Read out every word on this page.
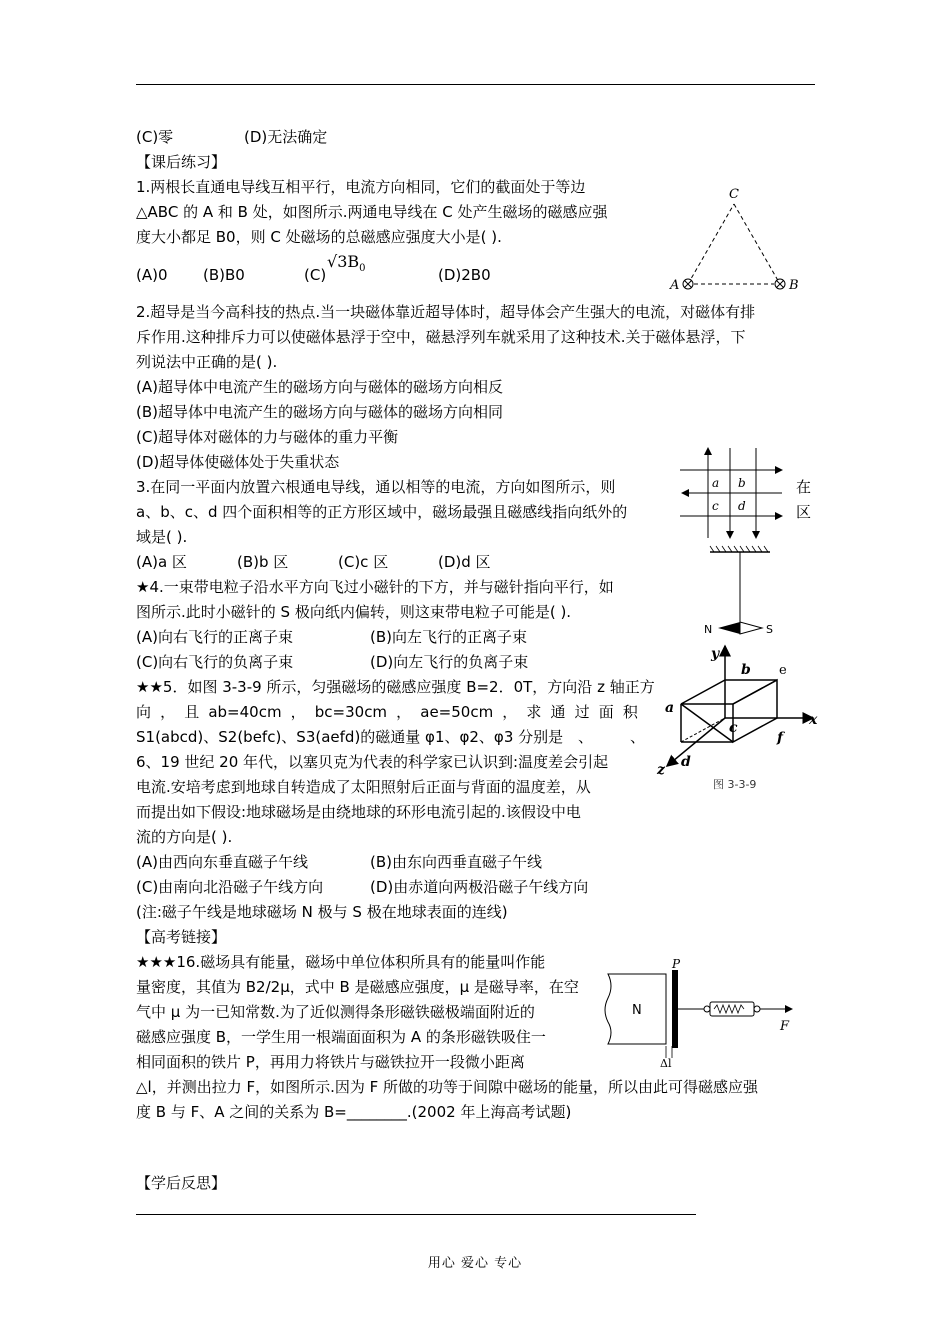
(C)零	(D)无法确定
【课后练习】
1.两根长直通电导线互相平行，电流方向相同，它们的截面处于等边
△ABC 的 A 和 B 处，如图所示.两通电导线在 C 处产生磁场的磁感应强
度大小都足 B0，则 C 处磁场的总磁感应强度大小是( ).
(A)0 (B)B0	(C)
$√3B_0$	(D)2B0
C
A	B
2.超导是当今高科技的热点.当一块磁体靠近超导体时，超导体会产生强大的电流，对磁体有排
斥作用.这种排斥力可以使磁体悬浮于空中，磁悬浮列车就采用了这种技术.关于磁体悬浮，下
列说法中正确的是( ).
(A)超导体中电流产生的磁场方向与磁体的磁场方向相反
(B)超导体中电流产生的磁场方向与磁体的磁场方向相同
(C)超导体对磁体的力与磁体的重力平衡
(D)超导体使磁体处于失重状态
3.在同一平面内放置六根通电导线，通以相等的电流，方向如图所示，则	在
a、b、c、d 四个面积相等的正方形区域中，磁场最强且磁感线指向纸外的	区
域是( ).
(A)a 区	(B)b 区	(C)c 区	(D)d 区
a b
c d
★4.一束带电粒子沿水平方向飞过小磁针的下方，并与磁针指向平行，如
图所示.此时小磁针的 S 极向纸内偏转，则这束带电粒子可能是( ).
(A)向右飞行的正离子束	(B)向左飞行的正离子束
(C)向右飞行的负离子束	(D)向左飞行的负离子束
N	S
★★5．如图 3-3-9 所示，匀强磁场的磁感应强度 B=2．0T，方向沿 z 轴正方
向 ， 且 ab=40cm ， bc=30cm ， ae=50cm ， 求 通 过 面 积
S1(abcd)、S2(befc)、S3(aefd)的磁通量 φ1、φ2、φ3 分别是 、 、
y
b e
a
x
c
f
z d
图 3-3-9
6、19 世纪 20 年代，以塞贝克为代表的科学家已认识到:温度差会引起
电流.安培考虑到地球自转造成了太阳照射后正面与背面的温度差，从
而提出如下假设:地球磁场是由绕地球的环形电流引起的.该假设中电
流的方向是( ).
(A)由西向东垂直磁子午线	(B)由东向西垂直磁子午线
(C)由南向北沿磁子午线方向	(D)由赤道向两极沿磁子午线方向
(注:磁子午线是地球磁场 N 极与 S 极在地球表面的连线)
【高考链接】
★★★16.磁场具有能量，磁场中单位体积所具有的能量叫作能
量密度，其值为 B2/2μ，式中 B 是磁感应强度，μ 是磁导率，在空
气中 μ 为一已知常数.为了近似测得条形磁铁磁极端面附近的
磁感应强度 B，一学生用一根端面面积为 A 的条形磁铁吸住一
相同面积的铁片 P，再用力将铁片与磁铁拉开一段微小距离
△l，并测出拉力 F，如图所示.因为 F 所做的功等于间隙中磁场的能量，所以由此可得磁感应强
度 B 与 F、A 之间的关系为 B=________.(2002 年上海高考试题)
N
P
F
Δl
【学后反思】
用心 爱心 专心
